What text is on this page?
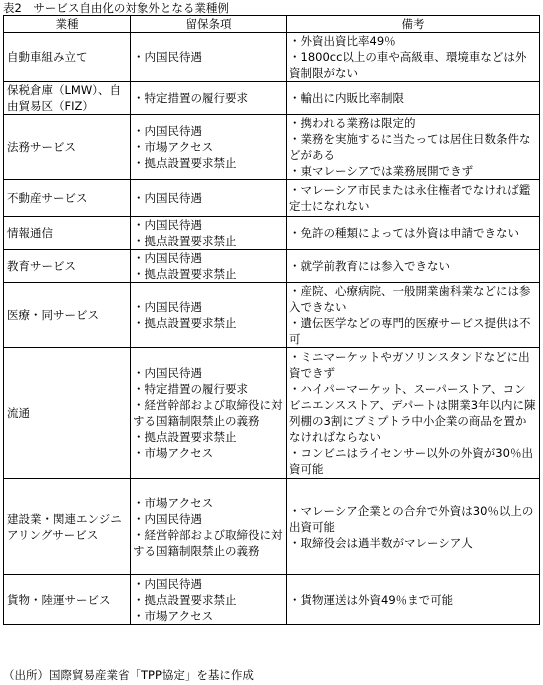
表2　サービス自由化の対象外となる業種例
業種	留保条項	備考
自動車組み立て	・内国民待遇	・外資出資比率49％
・1800cc以上の車や高級車、環境車などは外資制限がない

保税倉庫（LMW）、自由貿易区（FIZ）	・特定措置の履行要求	・輸出に内販比率制限

法務サービス	・内国民待遇
・市場アクセス
・拠点設置要求禁止	・携われる業務は限定的
・業務を実施するに当たっては居住日数条件などがある
・東マレーシアでは業務展開できず

不動産サービス	・内国民待遇	・マレーシア市民または永住権者でなければ鑑定士になれない

情報通信	・内国民待遇
・拠点設置要求禁止	・免許の種類によっては外資は申請できない

教育サービス	・内国民待遇
・拠点設置要求禁止	・就学前教育には参入できない

医療・同サービス	・内国民待遇
・拠点設置要求禁止	・産院、心療病院、一般開業歯科業などには参入できない
・遺伝医学などの専門的医療サービス提供は不可

流通	・内国民待遇
・特定措置の履行要求
・経営幹部および取締役に対する国籍制限禁止の義務
・拠点設置要求禁止
・市場アクセス	・ミニマーケットやガソリンスタンドなどに出資できず
・ハイパーマーケット、スーパーストア、コンビニエンスストア、デパートは開業3年以内に陳列棚の3割にブミプトラ中小企業の商品を置かなければならない
・コンビニはライセンサー以外の外資が30％出資可能

建設業・関連エンジニアリングサービス	・市場アクセス
・内国民待遇
・経営幹部および取締役に対する国籍制限禁止の義務	・マレーシア企業との合弁で外資は30％以上の出資可能
・取締役会は過半数がマレーシア人

貨物・陸運サービス	・内国民待遇
・拠点設置要求禁止
・市場アクセス	・貨物運送は外資49％まで可能
（出所）国際貿易産業省「TPP協定」を基に作成
